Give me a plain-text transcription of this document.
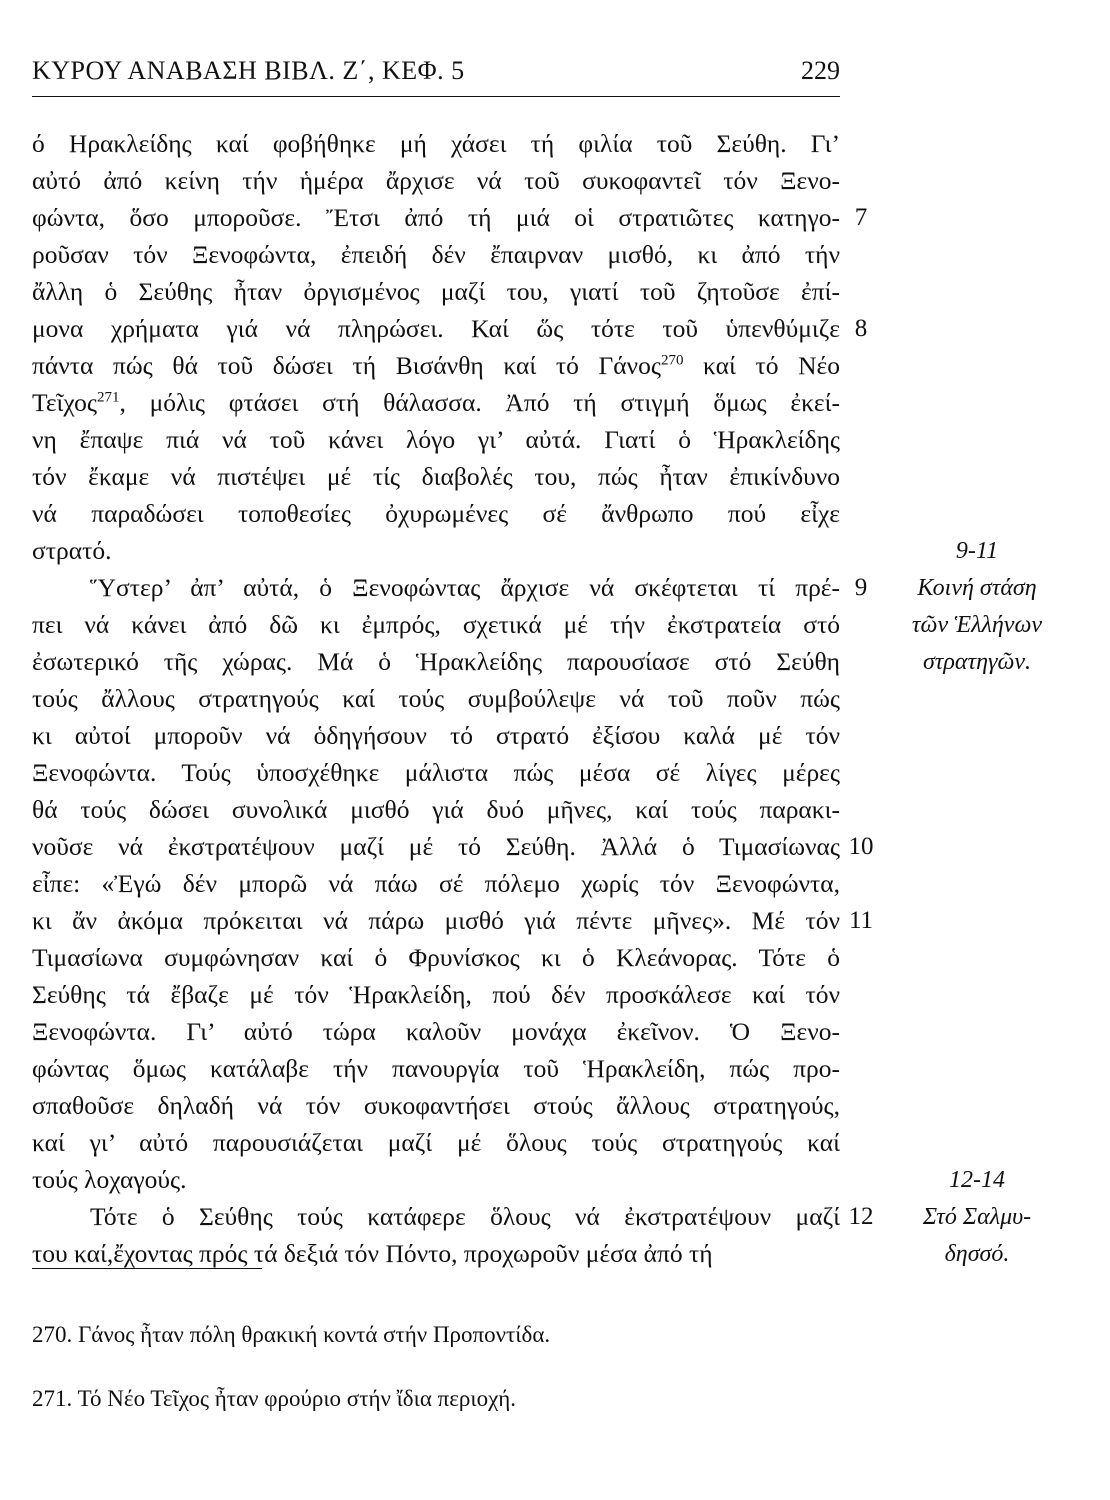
ΚΥΡΟΥ ΑΝΑΒΑΣΗ ΒΙΒΛ. Ζ΄, ΚΕΦ. 5	229
ό Ηρακλείδης καί φοβήθηκε μή χάσει τή φιλία τοῦ Σεύθη. Γι’
αὐτό ἀπό κείνη τήν ἡμέρα ἄρχισε νά τοῦ συκοφαντεῖ τόν Ξενο-
φώντα, ὅσο μποροῦσε. Ἔτσι ἀπό τή μιά οἱ στρατιῶτες κατηγο-
ροῦσαν τόν Ξενοφώντα, ἐπειδή δέν ἔπαιρναν μισθό, κι ἀπό τήν
ἄλλη ὁ Σεύθης ἦταν ὀργισμένος μαζί του, γιατί τοῦ ζητοῦσε ἐπί-
μονα χρήματα γιά νά πληρώσει. Καί ὥς τότε τοῦ ὑπενθύμιζε
πάντα πώς θά τοῦ δώσει τή Βισάνθη καί τό Γάνος$^{270}$ καί τό Νέο
Τεῖχος$^{271}$, μόλις φτάσει στή θάλασσα. Ἀπό τή στιγμή ὅμως ἐκεί-
νη ἔπαψε πιά νά τοῦ κάνει λόγο γι’ αὐτά. Γιατί ὁ Ἡρακλείδης
τόν ἔκαμε νά πιστέψει μέ τίς διαβολές του, πώς ἦταν ἐπικίνδυνο
νά παραδώσει τοποθεσίες ὀχυρωμένες σέ ἄνθρωπο πού εἶχε
στρατό.
Ὕστερ’ ἀπ’ αὐτά, ὁ Ξενοφώντας ἄρχισε νά σκέφτεται τί πρέ-
πει νά κάνει ἀπό δῶ κι ἐμπρός, σχετικά μέ τήν ἐκστρατεία στό
ἐσωτερικό τῆς χώρας. Μά ὁ Ἡρακλείδης παρουσίασε στό Σεύθη
τούς ἄλλους στρατηγούς καί τούς συμβούλεψε νά τοῦ ποῦν πώς
κι αὐτοί μποροῦν νά ὁδηγήσουν τό στρατό ἐξίσου καλά μέ τόν
Ξενοφώντα. Τούς ὑποσχέθηκε μάλιστα πώς μέσα σέ λίγες μέρες
θά τούς δώσει συνολικά μισθό γιά δυό μῆνες, καί τούς παρακι-
νοῦσε νά ἐκστρατέψουν μαζί μέ τό Σεύθη. Ἀλλά ὁ Τιμασίωνας
εἶπε: «Ἐγώ δέν μπορῶ νά πάω σέ πόλεμο χωρίς τόν Ξενοφώντα,
κι ἄν ἀκόμα πρόκειται νά πάρω μισθό γιά πέντε μῆνες». Μέ τόν
Τιμασίωνα συμφώνησαν καί ὁ Φρυνίσκος κι ὁ Κλεάνορας. Τότε ὁ
Σεύθης τά ἔβαζε μέ τόν Ἡρακλείδη, πού δέν προσκάλεσε καί τόν
Ξενοφώντα. Γι’ αὐτό τώρα καλοῦν μονάχα ἐκεῖνον. Ὁ Ξενο-
φώντας ὅμως κατάλαβε τήν πανουργία τοῦ Ἡρακλείδη, πώς προ-
σπαθοῦσε δηλαδή νά τόν συκοφαντήσει στούς ἄλλους στρατηγούς,
καί γι’ αὐτό παρουσιάζεται μαζί μέ ὅλους τούς στρατηγούς καί
τούς λοχαγούς.
Τότε ὁ Σεύθης τούς κατάφερε ὅλους νά ἐκστρατέψουν μαζί
του καί,ἔχοντας πρός τά δεξιά τόν Πόντο, προχωροῦν μέσα ἀπό τή
7
8
9
10
11
12
9-11
Κοινή στάση
τῶν Ἑλλήνων
στρατηγῶν.
12-14
Στό Σαλμυ-
δησσό.
270. Γάνος ἦταν πόλη θρακική κοντά στήν Προποντίδα.
271. Τό Νέο Τεῖχος ἦταν φρούριο στήν ἴδια περιοχή.
